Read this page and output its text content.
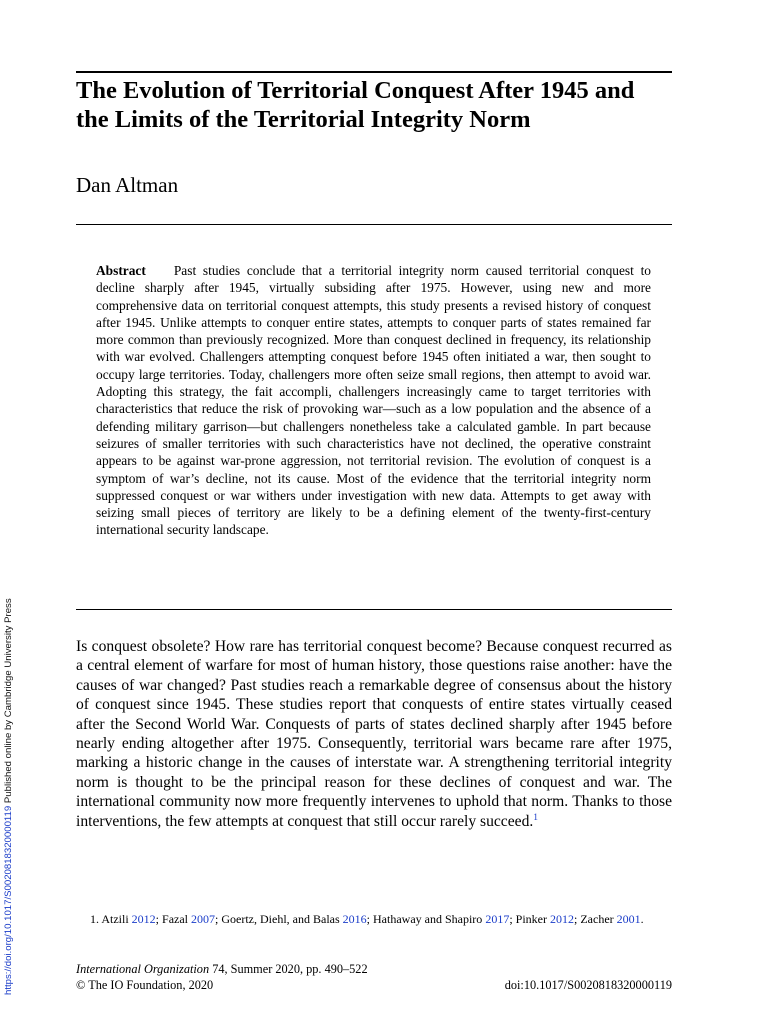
The Evolution of Territorial Conquest After 1945 and the Limits of the Territorial Integrity Norm

Dan Altman

Abstract Past studies conclude that a territorial integrity norm caused territorial conquest to decline sharply after 1945, virtually subsiding after 1975. However, using new and more comprehensive data on territorial conquest attempts, this study presents a revised history of conquest after 1945. Unlike attempts to conquer entire states, attempts to conquer parts of states remained far more common than previously recognized. More than conquest declined in frequency, its relationship with war evolved. Challengers attempting conquest before 1945 often initiated a war, then sought to occupy large territories. Today, challengers more often seize small regions, then attempt to avoid war. Adopting this strategy, the fait accompli, challengers increasingly came to target territories with characteristics that reduce the risk of provoking war—such as a low population and the absence of a defending military garrison—but challengers nonetheless take a calculated gamble. In part because seizures of smaller territories with such characteristics have not declined, the operative constraint appears to be against war-prone aggression, not territorial revision. The evolution of conquest is a symptom of war’s decline, not its cause. Most of the evidence that the territorial integrity norm suppressed conquest or war withers under investigation with new data. Attempts to get away with seizing small pieces of territory are likely to be a defining element of the twenty-first-century international security landscape.

Is conquest obsolete? How rare has territorial conquest become? Because conquest recurred as a central element of warfare for most of human history, those questions raise another: have the causes of war changed? Past studies reach a remarkable degree of consensus about the history of conquest since 1945. These studies report that conquests of entire states virtually ceased after the Second World War. Conquests of parts of states declined sharply after 1945 before nearly ending altogether after 1975. Consequently, territorial wars became rare after 1975, marking a historic change in the causes of interstate war. A strengthening territorial integrity norm is thought to be the principal reason for these declines of conquest and war. The international community now more frequently intervenes to uphold that norm. Thanks to those interventions, the few attempts at conquest that still occur rarely succeed.$^1$

1. Atzili 2012; Fazal 2007; Goertz, Diehl, and Balas 2016; Hathaway and Shapiro 2017; Pinker 2012; Zacher 2001.

International Organization 74, Summer 2020, pp. 490–522

© The IO Foundation, 2020	doi:10.1017/S0020818320000119

https://doi.org/10.1017/S0020818320000119 Published online by Cambridge University Press
